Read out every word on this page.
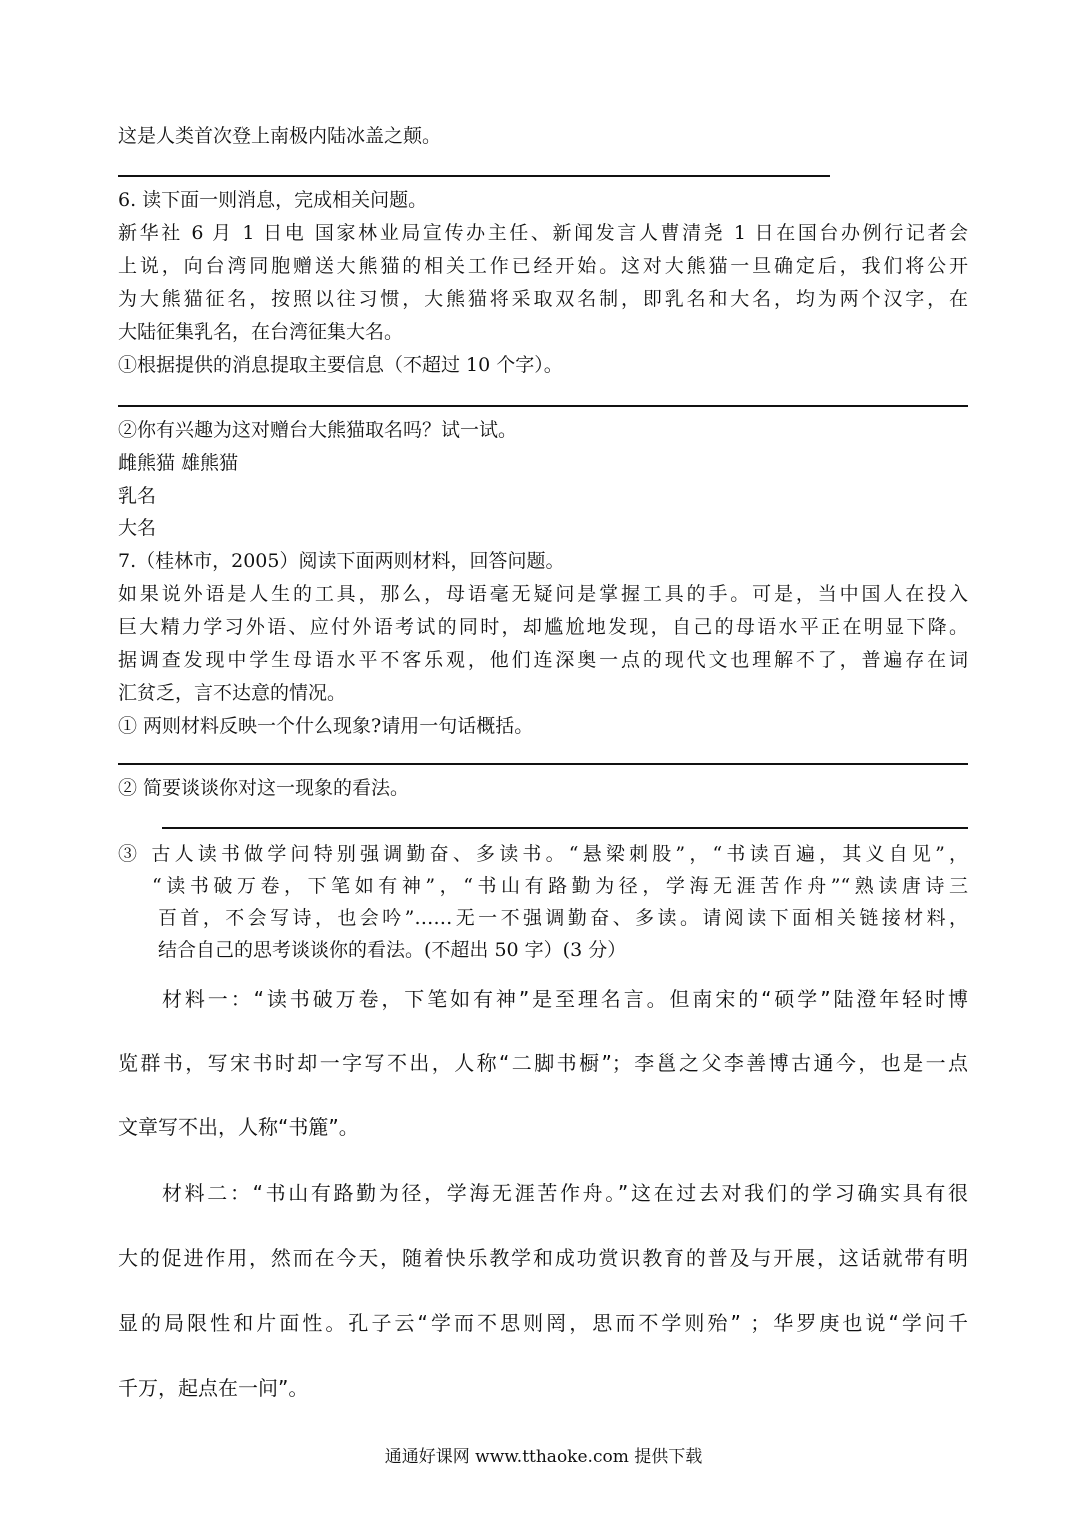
这是人类首次登上南极内陆冰盖之颠。
6. 读下面一则消息，完成相关问题。
新华社 6 月 1 日电 国家林业局宣传办主任、新闻发言人曹清尧 1 日在国台办例行记者会
上说，向台湾同胞赠送大熊猫的相关工作已经开始。这对大熊猫一旦确定后，我们将公开
为大熊猫征名，按照以往习惯，大熊猫将采取双名制，即乳名和大名，均为两个汉字，在
大陆征集乳名，在台湾征集大名。
①根据提供的消息提取主要信息（不超过 10 个字）。
②你有兴趣为这对赠台大熊猫取名吗？试一试。
雌熊猫 雄熊猫
乳名
大名
7.（桂林市，2005）阅读下面两则材料，回答问题。
如果说外语是人生的工具，那么，母语毫无疑问是掌握工具的手。可是，当中国人在投入
巨大精力学习外语、应付外语考试的同时，却尴尬地发现，自己的母语水平正在明显下降。
据调查发现中学生母语水平不客乐观，他们连深奥一点的现代文也理解不了，普遍存在词
汇贫乏，言不达意的情况。
① 两则材料反映一个什么现象?请用一句话概括。
② 简要谈谈你对这一现象的看法。
③ 古人读书做学问特别强调勤奋、多读书。“悬梁刺股”，“书读百遍，其义自见”，
“读书破万卷，下笔如有神”，“书山有路勤为径，学海无涯苦作舟”“熟读唐诗三
百首，不会写诗，也会吟”……无一不强调勤奋、多读。请阅读下面相关链接材料，
结合自己的思考谈谈你的看法。(不超出 50 字）(3 分）
材料一：“读书破万卷，下笔如有神”是至理名言。但南宋的“硕学”陆澄年轻时博
览群书，写宋书时却一字写不出，人称“二脚书橱”；李邕之父李善博古通今，也是一点
文章写不出，人称“书簏”。
材料二：“书山有路勤为径，学海无涯苦作舟。”这在过去对我们的学习确实具有很
大的促进作用，然而在今天，随着快乐教学和成功赏识教育的普及与开展，这话就带有明
显的局限性和片面性。孔子云“学而不思则罔，思而不学则殆” ；华罗庚也说“学问千
千万，起点在一问”。
通通好课网 www.tthaoke.com 提供下载
